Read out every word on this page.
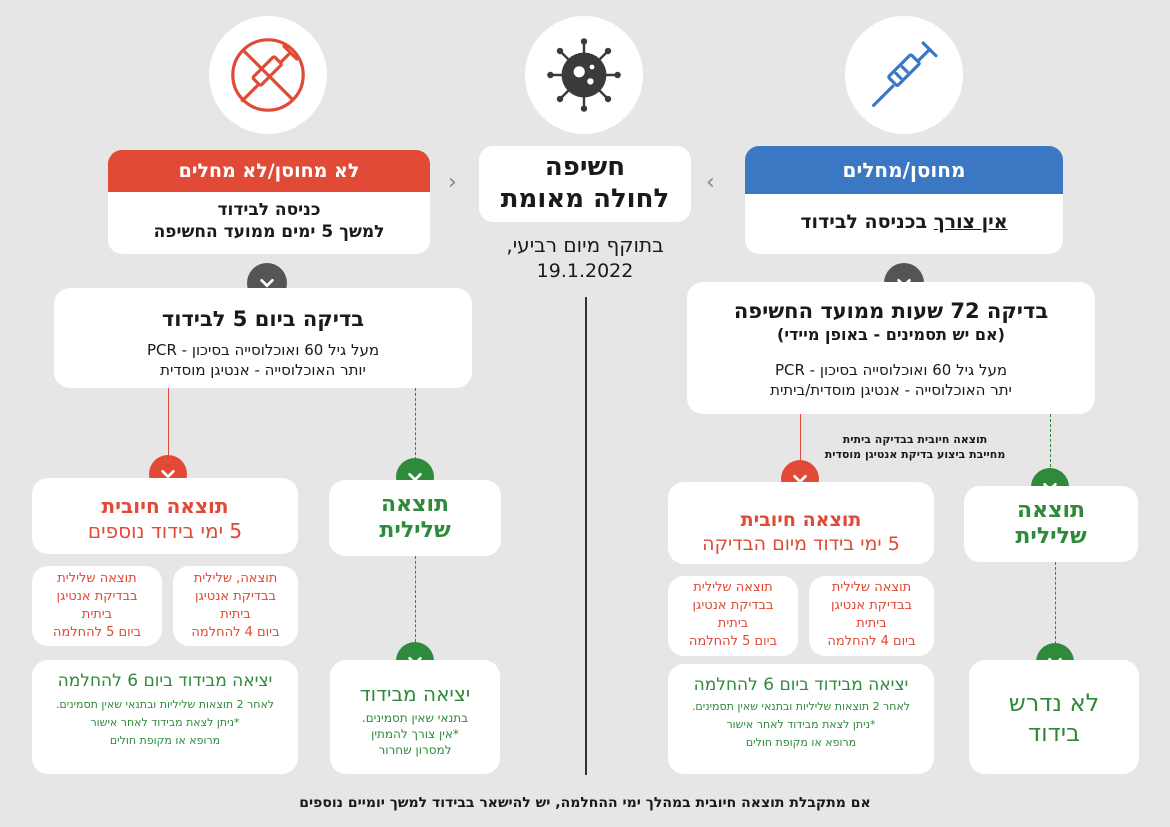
חשיפה
לחולה מאומת
‹
›
בתוקף מיום רביעי,
19.1.2022
מחוסן/מחלים
אין צורך בכניסה לבידוד
בדיקה 72 שעות ממועד החשיפה
(אם יש תסמינים - באופן מיידי)
מעל גיל 60 ואוכלוסייה בסיכון - PCR
יתר האוכלוסייה - אנטיגן מוסדית/ביתית
תוצאה חיובית בבדיקה ביתית
מחייבת ביצוע בדיקת אנטיגן מוסדית
תוצאה חיובית
5 ימי בידוד מיום הבדיקה
תוצאה
שלילית
תוצאה שלילית
בבדיקת אנטיגן
ביתית
ביום 4 להחלמה
תוצאה שלילית
בבדיקת אנטיגן
ביתית
ביום 5 להחלמה
יציאה מבידוד ביום 6 להחלמה
לאחר 2 תוצאות שליליות ובתנאי שאין תסמינים.
*ניתן לצאת מבידוד לאחר אישור
מרופא או מקופת חולים
לא נדרש
בידוד
לא מחוסן/לא מחלים
כניסה לבידוד
למשך 5 ימים ממועד החשיפה
בדיקה ביום 5 לבידוד
מעל גיל 60 ואוכלוסייה בסיכון - PCR
יותר האוכלוסייה - אנטיגן מוסדית
תוצאה חיובית
5 ימי בידוד נוספים
תוצאה
שלילית
תוצאה, שלילית
בבדיקת אנטיגן
ביתית
ביום 4 להחלמה
תוצאה שלילית
בבדיקת אנטיגן
ביתית
ביום 5 להחלמה
יציאה מבידוד ביום 6 להחלמה
לאחר 2 תוצאות שליליות ובתנאי שאין תסמינים.
*ניתן לצאת מבידוד לאחר אישור
מרופא או מקופת חולים
יציאה מבידוד
בתנאי שאין תסמינים.
*אין צורך להמתין
למסרון שחרור
אם מתקבלת תוצאה חיובית במהלך ימי ההחלמה, יש להישאר בבידוד למשך יומיים נוספים
